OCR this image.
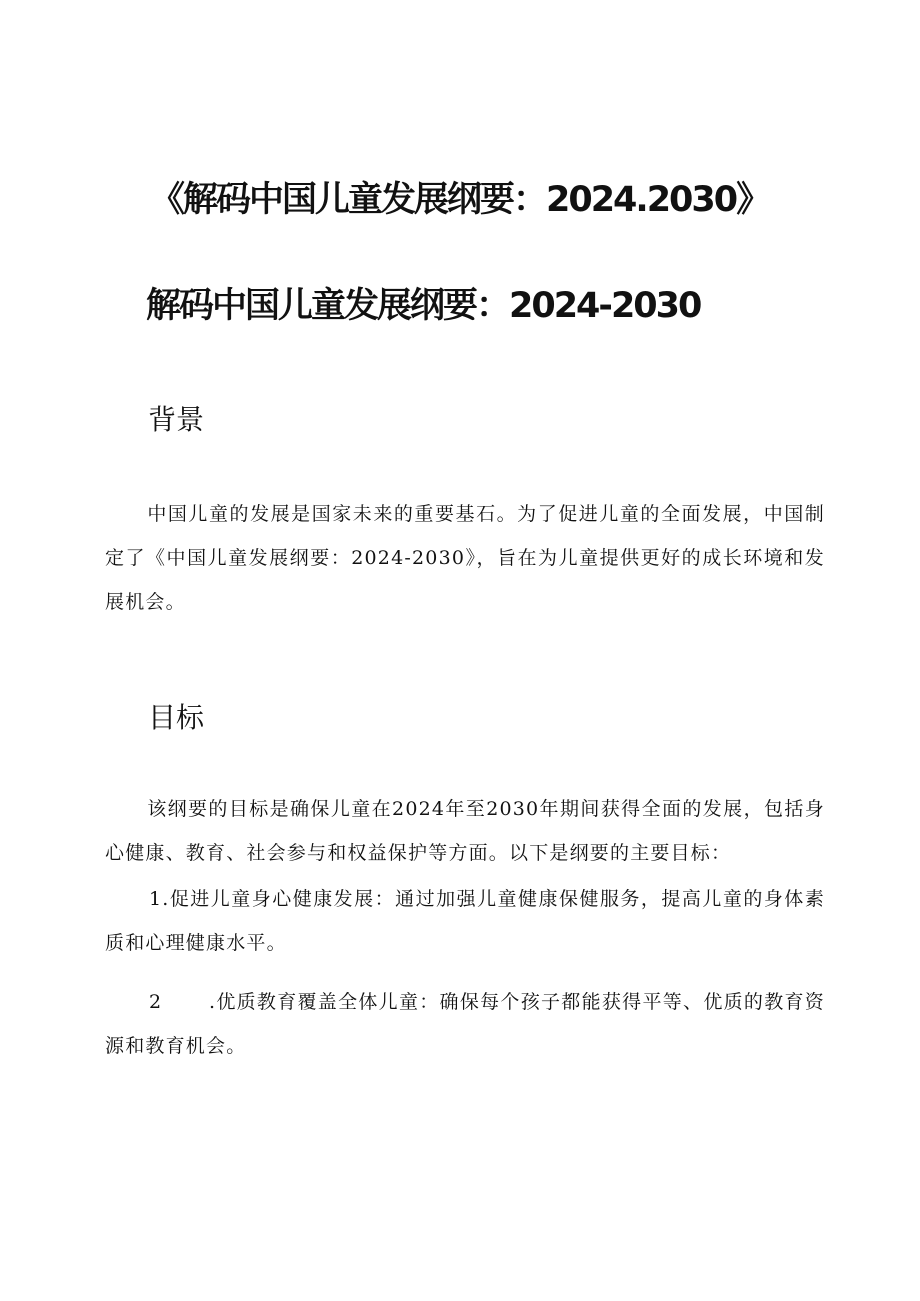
《解码中国儿童发展纲要：2024.2030》
解码中国儿童发展纲要：2024-2030
背景
中国儿童的发展是国家未来的重要基石。为了促进儿童的全面发展，中国制定了《中国儿童发展纲要：2024-2030》，旨在为儿童提供更好的成长环境和发展机会。
目标
该纲要的目标是确保儿童在2024年至2030年期间获得全面的发展，包括身心健康、教育、社会参与和权益保护等方面。以下是纲要的主要目标：
1.促进儿童身心健康发展：通过加强儿童健康保健服务，提高儿童的身体素质和心理健康水平。
2 .优质教育覆盖全体儿童：确保每个孩子都能获得平等、优质的教育资源和教育机会。
